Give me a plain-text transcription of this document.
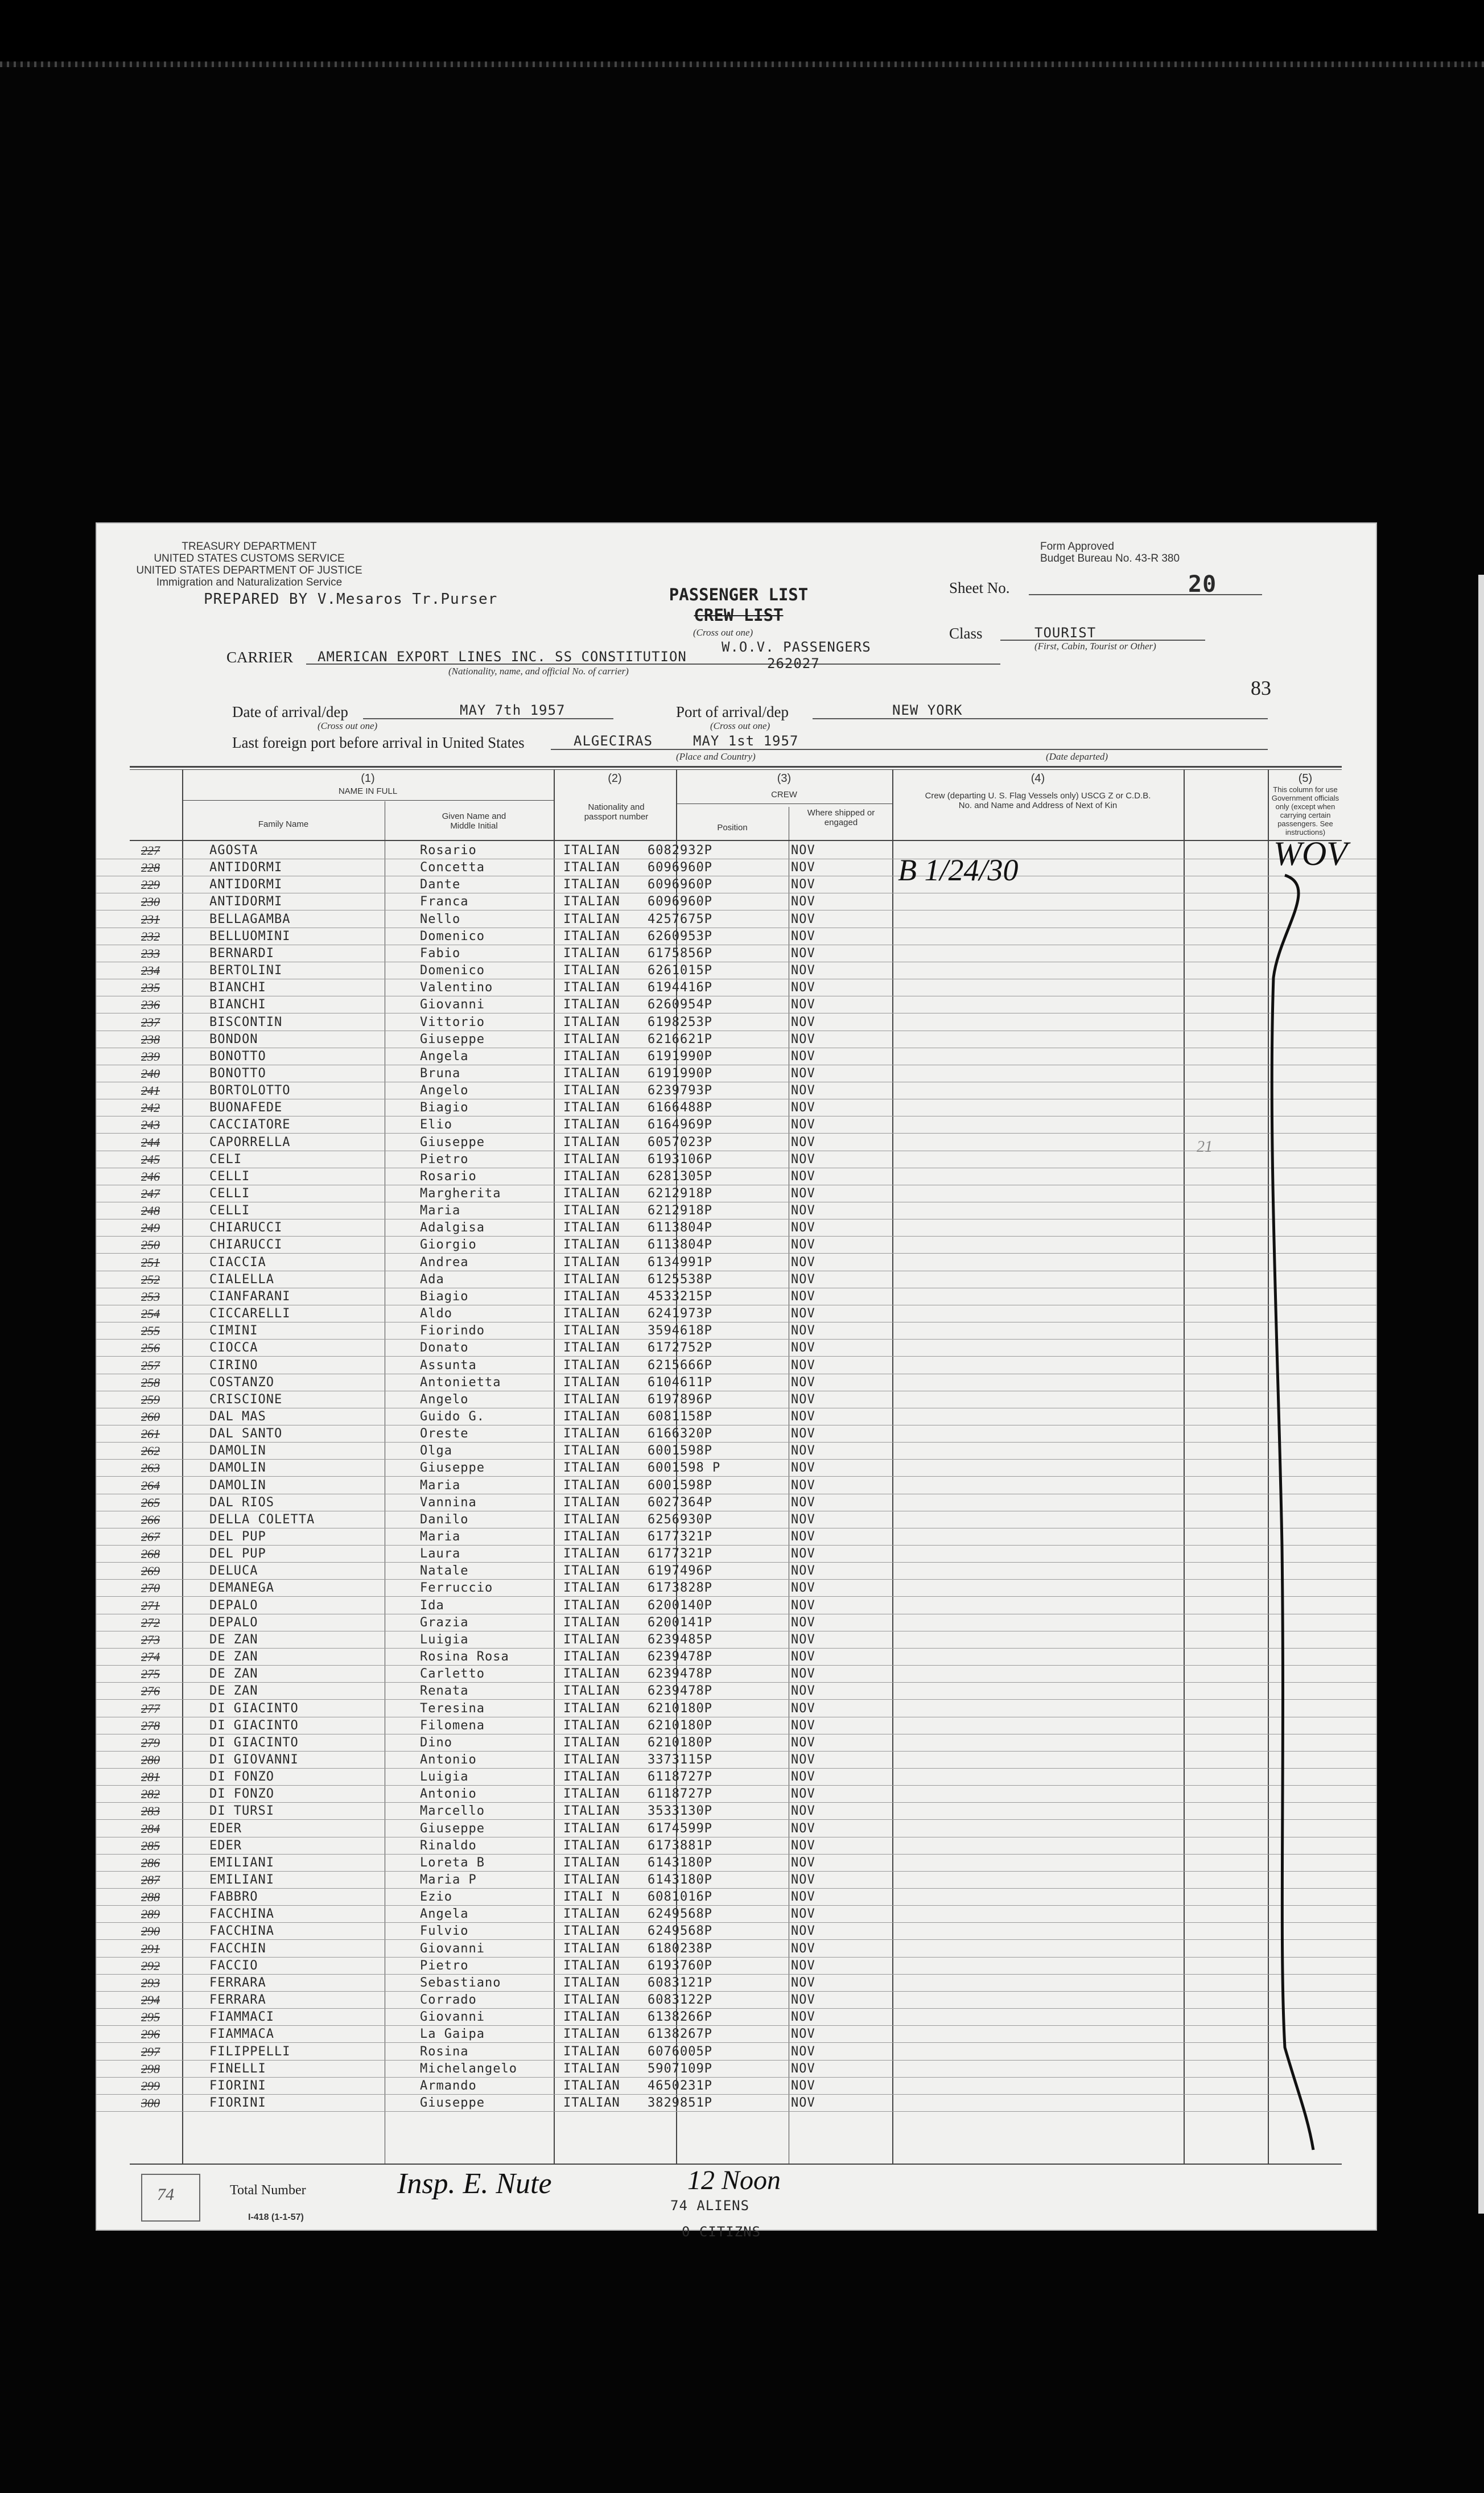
TREASURY DEPARTMENT
UNITED STATES CUSTOMS SERVICE
UNITED STATES DEPARTMENT OF JUSTICE
Immigration and Naturalization Service
Form Approved
Budget Bureau No. 43-R 380
PREPARED BY V.Mesaros Tr.Purser	PASSENGER LIST
CREW LIST
(Cross out one)
Sheet No.	20
Class	TOURIST
(First, Cabin, Tourist or Other)
CARRIER AMERICAN EXPORT LINES INC. SS CONSTITUTION
W.O.V. PASSENGERS
262027
(Nationality, name, and official No. of carrier)
83
Date of arrival/dep	MAY 7th 1957
(Cross out one)
Port of arrival/dep	NEW YORK
(Cross out one)
Last foreign port before arrival in United States	ALGECIRAS	MAY 1st 1957
(Place and Country)	(Date departed)
(1)
NAME IN FULL
Family Name
Given Name and Middle Initial
(2)
Nationality and passport number
(3)
CREW
Position
Where shipped or engaged
(4)
Crew (departing U. S. Flag Vessels only) USCG Z or C.D.B. No. and Name and Address of Next of Kin
(5)
This column for use Government officials only (except when carrying certain passengers. See instructions)
227	AGOSTA	Rosario	ITALIAN 6082932P	NOV
228	ANTIDORMI	Concetta	ITALIAN 6096960P	NOV
229	ANTIDORMI	Dante	ITALIAN 6096960P	NOV
230	ANTIDORMI	Franca	ITALIAN 6096960P	NOV
231	BELLAGAMBA	Nello	ITALIAN 4257675P	NOV
232	BELLUOMINI	Domenico	ITALIAN 6260953P	NOV
233	BERNARDI	Fabio	ITALIAN 6175856P	NOV
234	BERTOLINI	Domenico	ITALIAN 6261015P	NOV
235	BIANCHI	Valentino	ITALIAN 6194416P	NOV
236	BIANCHI	Giovanni	ITALIAN 6260954P	NOV
237	BISCONTIN	Vittorio	ITALIAN 6198253P	NOV
238	BONDON	Giuseppe	ITALIAN 6216621P	NOV
239	BONOTTO	Angela	ITALIAN 6191990P	NOV
240	BONOTTO	Bruna	ITALIAN 6191990P	NOV
241	BORTOLOTTO	Angelo	ITALIAN 6239793P	NOV
242	BUONAFEDE	Biagio	ITALIAN 6166488P	NOV
243	CACCIATORE	Elio	ITALIAN 6164969P	NOV
244	CAPORRELLA	Giuseppe	ITALIAN 6057023P	NOV
245	CELI	Pietro	ITALIAN 6193106P	NOV
246	CELLI	Rosario	ITALIAN 6281305P	NOV
247	CELLI	Margherita	ITALIAN 6212918P	NOV
248	CELLI	Maria	ITALIAN 6212918P	NOV
249	CHIARUCCI	Adalgisa	ITALIAN 6113804P	NOV
250	CHIARUCCI	Giorgio	ITALIAN 6113804P	NOV
251	CIACCIA	Andrea	ITALIAN 6134991P	NOV
252	CIALELLA	Ada	ITALIAN 6125538P	NOV
253	CIANFARANI	Biagio	ITALIAN 4533215P	NOV
254	CICCARELLI	Aldo	ITALIAN 6241973P	NOV
255	CIMINI	Fiorindo	ITALIAN 3594618P	NOV
256	CIOCCA	Donato	ITALIAN 6172752P	NOV
257	CIRINO	Assunta	ITALIAN 6215666P	NOV
258	COSTANZO	Antonietta	ITALIAN 6104611P	NOV
259	CRISCIONE	Angelo	ITALIAN 6197896P	NOV
260	DAL MAS	Guido G.	ITALIAN 6081158P	NOV
261	DAL SANTO	Oreste	ITALIAN 6166320P	NOV
262	DAMOLIN	Olga	ITALIAN 6001598P	NOV
263	DAMOLIN	Giuseppe	ITALIAN 6001598 P	NOV
264	DAMOLIN	Maria	ITALIAN 6001598P	NOV
265	DAL RIOS	Vannina	ITALIAN 6027364P	NOV
266	DELLA COLETTA	Danilo	ITALIAN 6256930P	NOV
267	DEL PUP	Maria	ITALIAN 6177321P	NOV
268	DEL PUP	Laura	ITALIAN 6177321P	NOV
269	DELUCA	Natale	ITALIAN 6197496P	NOV
270	DEMANEGA	Ferruccio	ITALIAN 6173828P	NOV
271	DEPALO	Ida	ITALIAN 6200140P	NOV
272	DEPALO	Grazia	ITALIAN 6200141P	NOV
273	DE ZAN	Luigia	ITALIAN 6239485P	NOV
274	DE ZAN	Rosina Rosa	ITALIAN 6239478P	NOV
275	DE ZAN	Carletto	ITALIAN 6239478P	NOV
276	DE ZAN	Renata	ITALIAN 6239478P	NOV
277	DI GIACINTO	Teresina	ITALIAN 6210180P	NOV
278	DI GIACINTO	Filomena	ITALIAN 6210180P	NOV
279	DI GIACINTO	Dino	ITALIAN 6210180P	NOV
280	DI GIOVANNI	Antonio	ITALIAN 3373115P	NOV
281	DI FONZO	Luigia	ITALIAN 6118727P	NOV
282	DI FONZO	Antonio	ITALIAN 6118727P	NOV
283	DI TURSI	Marcello	ITALIAN 3533130P	NOV
284	EDER	Giuseppe	ITALIAN 6174599P	NOV
285	EDER	Rinaldo	ITALIAN 6173881P	NOV
286	EMILIANI	Loreta B	ITALIAN 6143180P	NOV
287	EMILIANI	Maria P	ITALIAN 6143180P	NOV
288	FABBRO	Ezio	ITALI N 6081016P	NOV
289	FACCHINA	Angela	ITALIAN 6249568P	NOV
290	FACCHINA	Fulvio	ITALIAN 6249568P	NOV
291	FACCHIN	Giovanni	ITALIAN 6180238P	NOV
292	FACCIO	Pietro	ITALIAN 6193760P	NOV
293	FERRARA	Sebastiano	ITALIAN 6083121P	NOV
294	FERRARA	Corrado	ITALIAN 6083122P	NOV
295	FIAMMACI	Giovanni	ITALIAN 6138266P	NOV
296	FIAMMACA	La Gaipa	ITALIAN 6138267P	NOV
297	FILIPPELLI	Rosina	ITALIAN 6076005P	NOV
298	FINELLI	Michelangelo	ITALIAN 5907109P	NOV
299	FIORINI	Armando	ITALIAN 4650231P	NOV
300	FIORINI	Giuseppe	ITALIAN 3829851P	NOV
B 1/24/30
21
WOV
74	Total Number
I-418 (1-1-57)
Insp. E. Nute	12 Noon
74 ALIENS
0 CITIZNS
